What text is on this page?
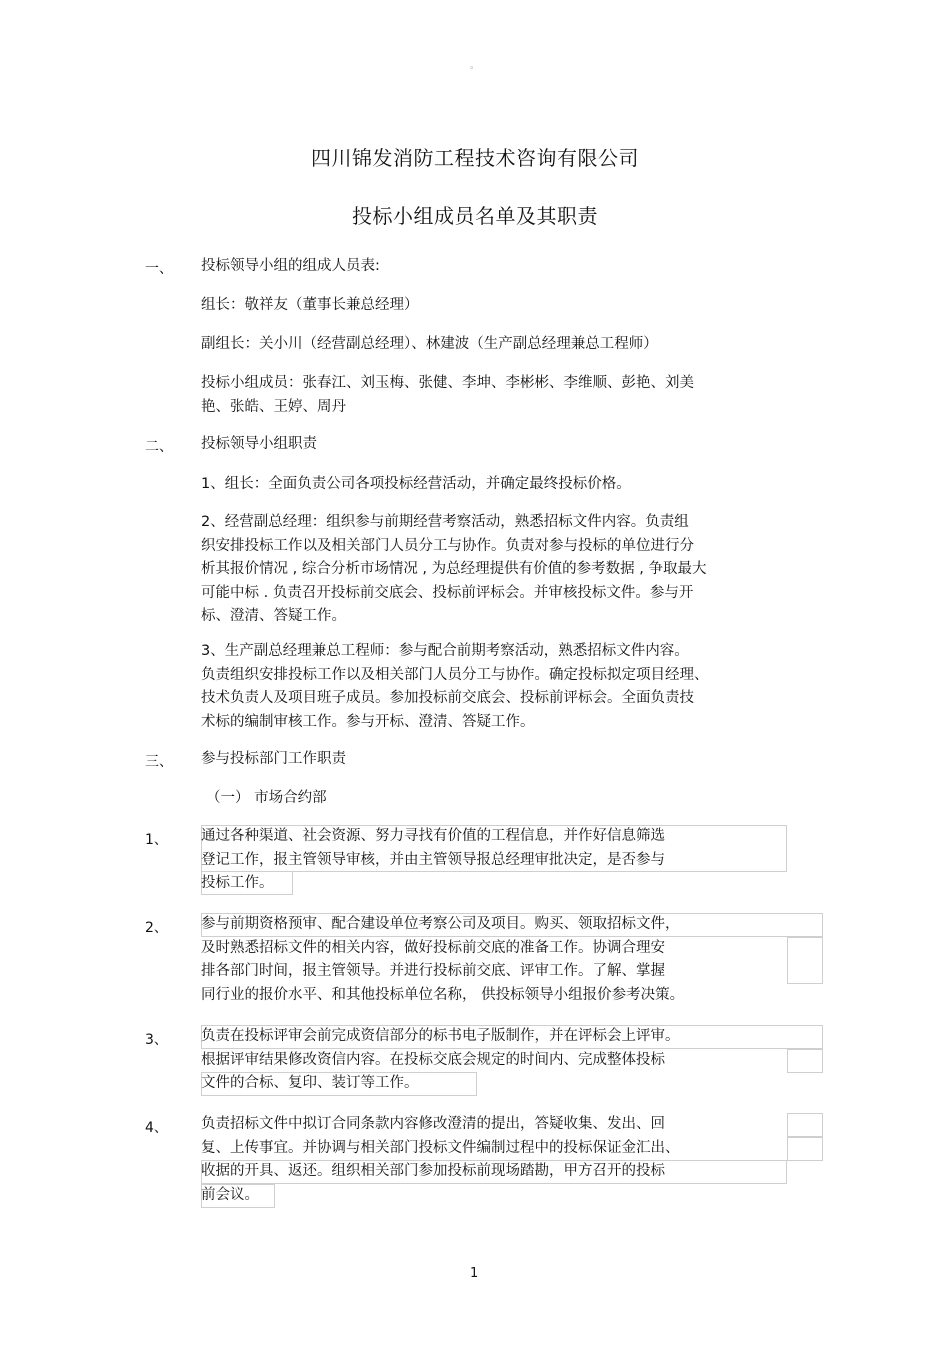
。
四川锦发消防工程技术咨询有限公司
投标小组成员名单及其职责
一、 投标领导小组的组成人员表:
组长：敬祥友（董事长兼总经理）
副组长：关小川（经营副总经理）、林建波（生产副总经理兼总工程师）
投标小组成员：张春江、刘玉梅、张健、李坤、李彬彬、李维顺、彭艳、刘美
艳、张皓、王婷、周丹
二、 投标领导小组职责
1、组长：全面负责公司各项投标经营活动，并确定最终投标价格。
2、经营副总经理：组织参与前期经营考察活动，熟悉招标文件内容。负责组
织安排投标工作以及相关部门人员分工与协作。负责对参与投标的单位进行分
析其报价情况 , 综合分析市场情况 , 为总经理提供有价值的参考数据 , 争取最大
可能中标 . 负责召开投标前交底会、投标前评标会。并审核投标文件。参与开
标、澄清、答疑工作。
3、生产副总经理兼总工程师：参与配合前期考察活动，熟悉招标文件内容。
负责组织安排投标工作以及相关部门人员分工与协作。确定投标拟定项目经理、
技术负责人及项目班子成员。参加投标前交底会、投标前评标会。全面负责技
术标的编制审核工作。参与开标、澄清、答疑工作。
三、 参与投标部门工作职责
（一） 市场合约部
1、 通过各种渠道、社会资源、努力寻找有价值的工程信息，并作好信息筛选
登记工作，报主管领导审核，并由主管领导报总经理审批决定，是否参与
投标工作。
2、 参与前期资格预审、配合建设单位考察公司及项目。购买、领取招标文件，
及时熟悉招标文件的相关内容，做好投标前交底的准备工作。协调合理安
排各部门时间，报主管领导。并进行投标前交底、评审工作。了解、掌握
同行业的报价水平、和其他投标单位名称， 供投标领导小组报价参考决策。
3、 负责在投标评审会前完成资信部分的标书电子版制作，并在评标会上评审。
根据评审结果修改资信内容。在投标交底会规定的时间内、完成整体投标
文件的合标、复印、装订等工作。
4、 负责招标文件中拟订合同条款内容修改澄清的提出，答疑收集、发出、回
复、上传事宜。并协调与相关部门投标文件编制过程中的投标保证金汇出、
收据的开具、返还。组织相关部门参加投标前现场踏勘，甲方召开的投标
前会议。
1
